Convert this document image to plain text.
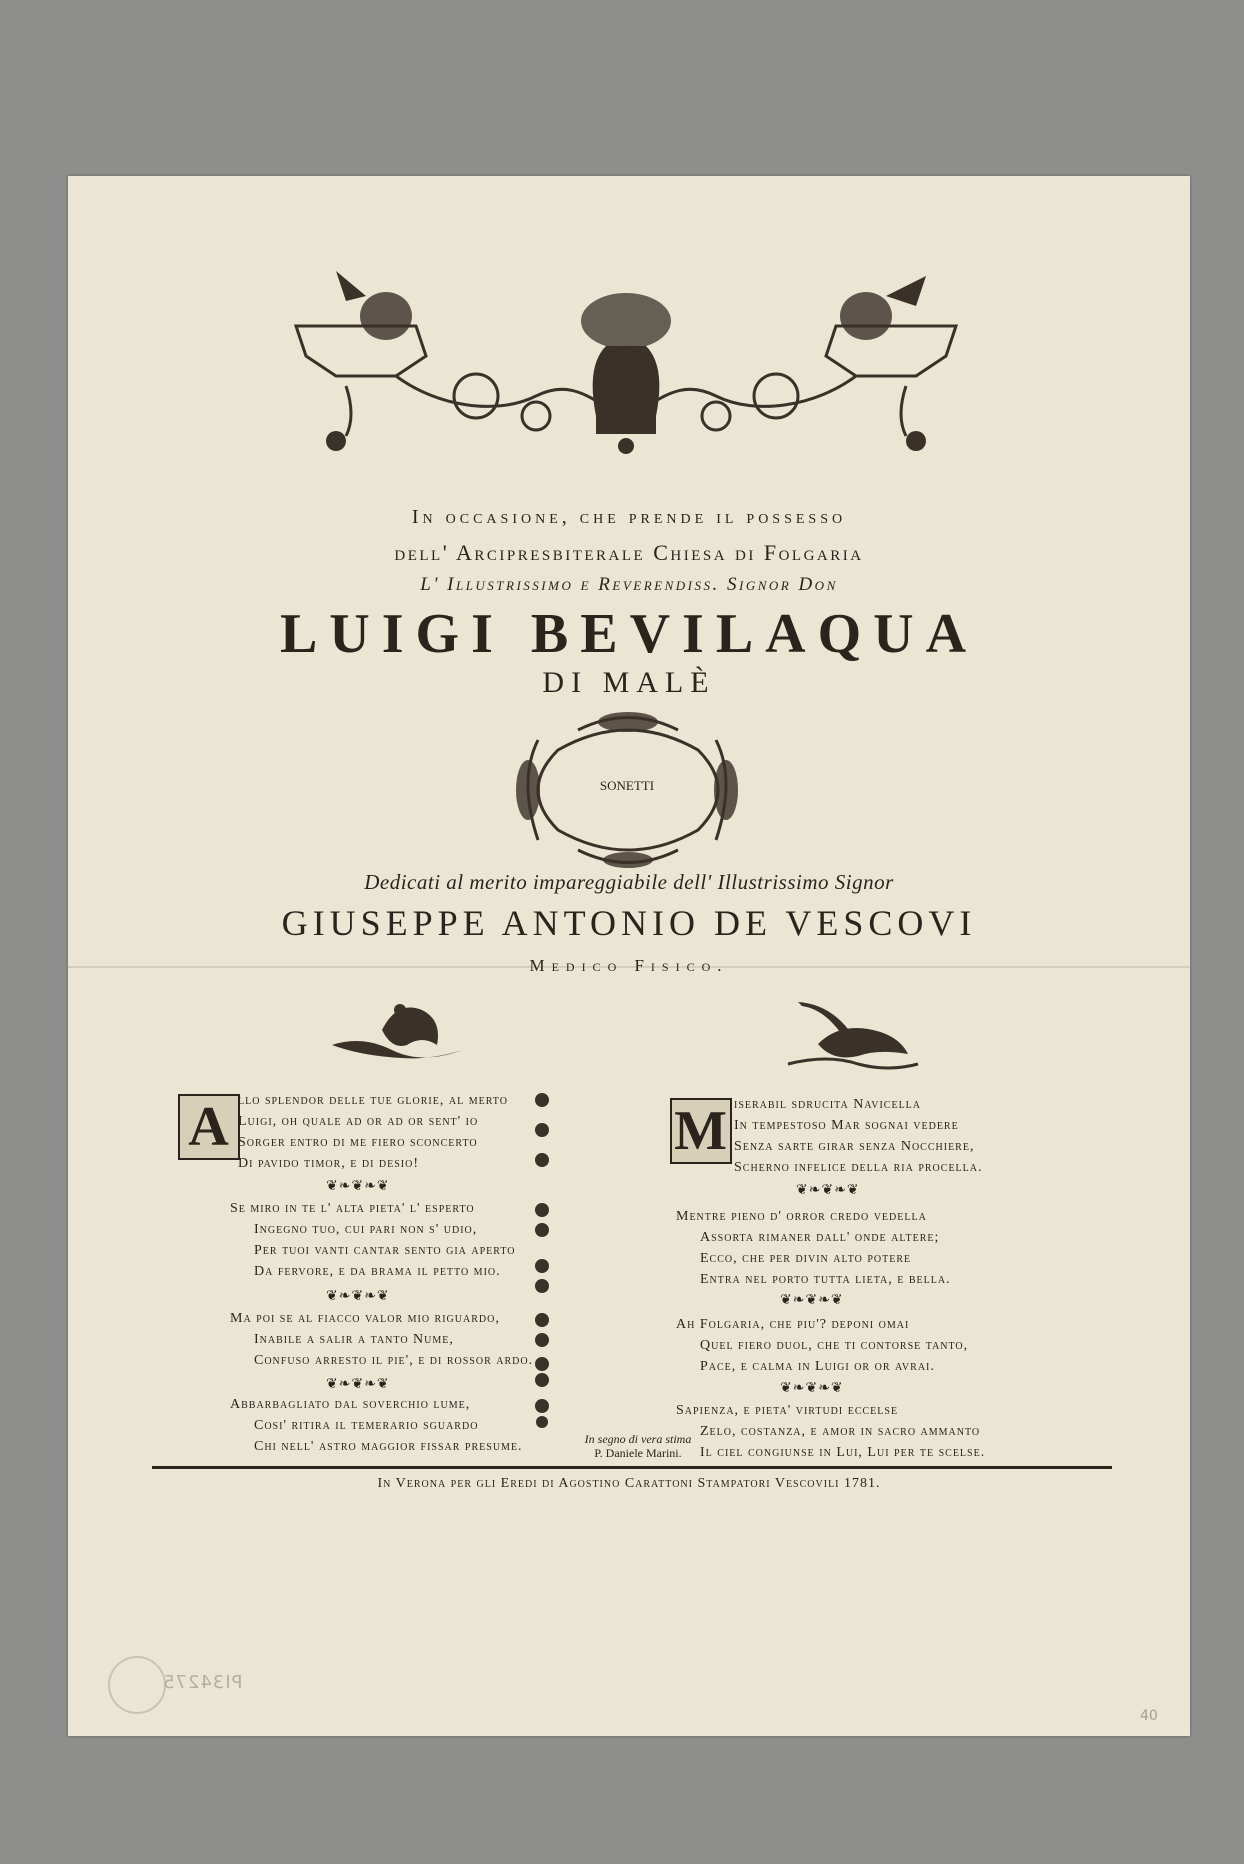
In occasione, che prende il possesso
dell' Arcipresbiterale Chiesa di Folgaria
L' Illustrissimo e Reverendiss. Signor Don
LUIGI BEVILAQUA
DI MALÈ
SONETTI
Dedicati al merito impareggiabile dell' Illustrissimo Signor
GIUSEPPE ANTONIO DE VESCOVI
Medico Fisico.
A llo splendor delle tue glorie, al merto
Luigi, oh quale ad or ad or sent' io
Sorger entro di me fiero sconcerto
Di pavido timor, e di desio!
❦❧❦❧❦
Se miro in te l' alta pieta' l' esperto
Ingegno tuo, cui pari non s' udio,
Per tuoi vanti cantar sento gia aperto
Da fervore, e da brama il petto mio.
❦❧❦❧❦
Ma poi se al fiacco valor mio riguardo,
Inabile a salir a tanto Nume,
Confuso arresto il pie', e di rossor ardo.
❦❧❦❧❦
Abbarbagliato dal soverchio lume,
Cosi' ritira il temerario sguardo
Chi nell' astro maggior fissar presume.
M iserabil sdrucita Navicella
In tempestoso Mar sognai vedere
Senza sarte girar senza Nocchiere,
Scherno infelice della ria procella.
❦❧❦❧❦
Mentre pieno d' orror credo vedella
Assorta rimaner dall' onde altere;
Ecco, che per divin alto potere
Entra nel porto tutta lieta, e bella.
❦❧❦❧❦
Ah Folgaria, che piu'? deponi omai
Quel fiero duol, che ti contorse tanto,
Pace, e calma in Luigi or or avrai.
❦❧❦❧❦
Sapienza, e pieta' virtudi eccelse
Zelo, costanza, e amor in sacro ammanto
Il ciel congiunse in Lui, Lui per te scelse.
In segno di vera stima
P. Daniele Marini.
In Verona per gli Eredi di Agostino Carattoni Stampatori Vescovili 1781.
PI34275
40
